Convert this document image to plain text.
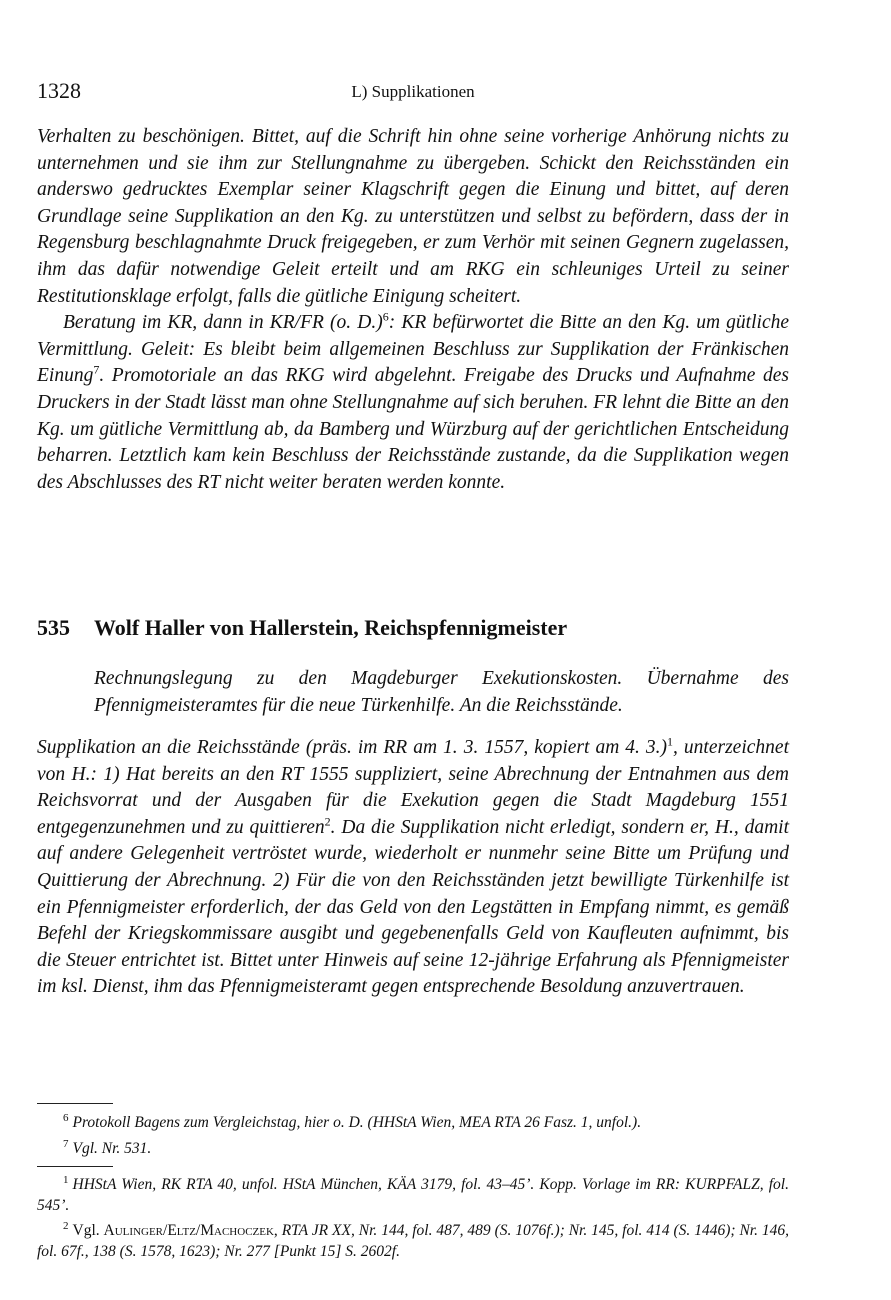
1328	L) Supplikationen

Verhalten zu beschönigen. Bittet, auf die Schrift hin ohne seine vorherige Anhörung nichts zu unternehmen und sie ihm zur Stellungnahme zu übergeben. Schickt den Reichsständen ein anderswo gedrucktes Exemplar seiner Klagschrift gegen die Einung und bittet, auf deren Grundlage seine Supplikation an den Kg. zu unterstützen und selbst zu befördern, dass der in Regensburg beschlagnahmte Druck freigegeben, er zum Verhör mit seinen Gegnern zugelassen, ihm das dafür notwendige Geleit erteilt und am RKG ein schleuniges Urteil zu seiner Restitutionsklage erfolgt, falls die gütliche Einigung scheitert.

Beratung im KR, dann in KR/FR (o. D.)$^6$: KR befürwortet die Bitte an den Kg. um gütliche Vermittlung. Geleit: Es bleibt beim allgemeinen Beschluss zur Supplikation der Fränkischen Einung$^7$. Promotoriale an das RKG wird abgelehnt. Freigabe des Drucks und Aufnahme des Druckers in der Stadt lässt man ohne Stellungnahme auf sich beruhen. FR lehnt die Bitte an den Kg. um gütliche Vermittlung ab, da Bamberg und Würzburg auf der gerichtlichen Entscheidung beharren. Letztlich kam kein Beschluss der Reichsstände zustande, da die Supplikation wegen des Abschlusses des RT nicht weiter beraten werden konnte.

535 Wolf Haller von Hallerstein, Reichspfennigmeister
Rechnungslegung zu den Magdeburger Exekutionskosten. Übernahme des Pfennigmeisteramtes für die neue Türkenhilfe. An die Reichsstände.

Supplikation an die Reichsstände (präs. im RR am 1. 3. 1557, kopiert am 4. 3.)$^1$, unterzeichnet von H.: 1) Hat bereits an den RT 1555 suppliziert, seine Abrechnung der Entnahmen aus dem Reichsvorrat und der Ausgaben für die Exekution gegen die Stadt Magdeburg 1551 entgegenzunehmen und zu quittieren$^2$. Da die Supplikation nicht erledigt, sondern er, H., damit auf andere Gelegenheit vertröstet wurde, wiederholt er nunmehr seine Bitte um Prüfung und Quittierung der Abrechnung. 2) Für die von den Reichsständen jetzt bewilligte Türkenhilfe ist ein Pfennigmeister erforderlich, der das Geld von den Legstätten in Empfang nimmt, es gemäß Befehl der Kriegskommissare ausgibt und gegebenenfalls Geld von Kaufleuten aufnimmt, bis die Steuer entrichtet ist. Bittet unter Hinweis auf seine 12-jährige Erfahrung als Pfennigmeister im ksl. Dienst, ihm das Pfennigmeisteramt gegen entsprechende Besoldung anzuvertrauen.

$^6$ Protokoll Bagens zum Vergleichstag, hier o. D. (HHStA Wien, MEA RTA 26 Fasz. 1, unfol.).

$^7$ Vgl. Nr. 531.

$^1$ HHStA Wien, RK RTA 40, unfol. HStA München, KÄA 3179, fol. 43–45’. Kopp. Vorlage im RR: KURPFALZ, fol. 545’.

$^2$ Vgl. Aulinger/Eltz/Machoczek, RTA JR XX, Nr. 144, fol. 487, 489 (S. 1076f.); Nr. 145, fol. 414 (S. 1446); Nr. 146, fol. 67f., 138 (S. 1578, 1623); Nr. 277 [Punkt 15] S. 2602f.
